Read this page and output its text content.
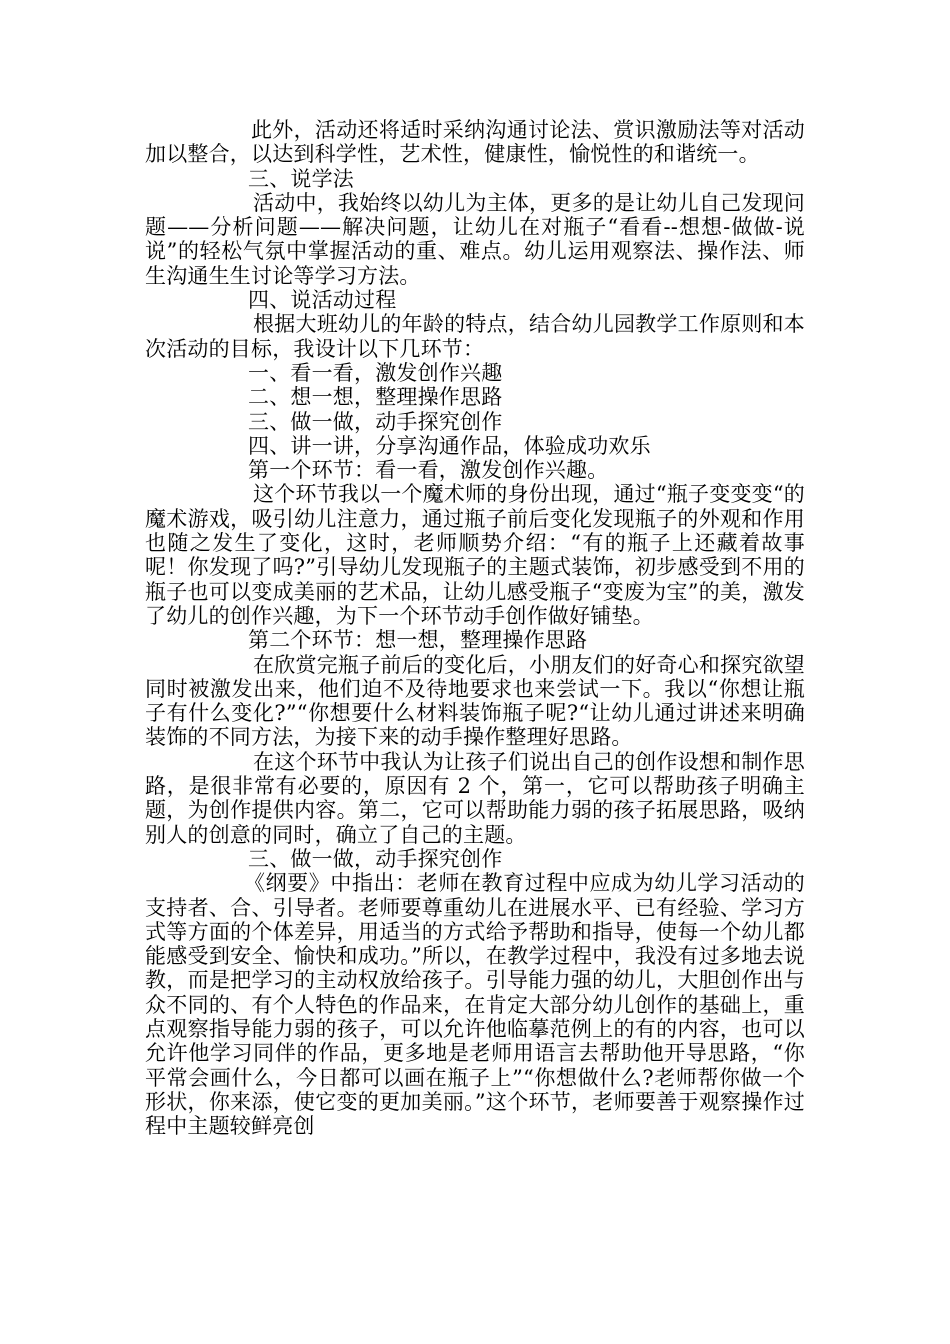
此外，活动还将适时采纳沟通讨论法、赏识激励法等对活动加以整合，以达到科学性，艺术性，健康性，愉悦性的和谐统一。

三、说学法

活动中，我始终以幼儿为主体，更多的是让幼儿自己发现问题——分析问题——解决问题，让幼儿在对瓶子“看看--想想-做做-说说”的轻松气氛中掌握活动的重、难点。幼儿运用观察法、操作法、师生沟通生生讨论等学习方法。

四、说活动过程

根据大班幼儿的年龄的特点，结合幼儿园教学工作原则和本次活动的目标，我设计以下几环节：

一、看一看，激发创作兴趣

二、想一想，整理操作思路

三、做一做，动手探究创作

四、讲一讲，分享沟通作品，体验成功欢乐

第一个环节：看一看，激发创作兴趣。

这个环节我以一个魔术师的身份出现，通过“瓶子变变变“的魔术游戏，吸引幼儿注意力，通过瓶子前后变化发现瓶子的外观和作用也随之发生了变化，这时，老师顺势介绍：“有的瓶子上还藏着故事呢！你发现了吗?”引导幼儿发现瓶子的主题式装饰，初步感受到不用的瓶子也可以变成美丽的艺术品，让幼儿感受瓶子“变废为宝”的美，激发了幼儿的创作兴趣，为下一个环节动手创作做好铺垫。

第二个环节：想一想，整理操作思路

在欣赏完瓶子前后的变化后，小朋友们的好奇心和探究欲望同时被激发出来，他们迫不及待地要求也来尝试一下。我以“你想让瓶子有什么变化?”“你想要什么材料装饰瓶子呢?“让幼儿通过讲述来明确装饰的不同方法，为接下来的动手操作整理好思路。

在这个环节中我认为让孩子们说出自己的创作设想和制作思路，是很非常有必要的，原因有 2 个，第一，它可以帮助孩子明确主题，为创作提供内容。第二，它可以帮助能力弱的孩子拓展思路，吸纳别人的创意的同时，确立了自己的主题。

三、做一做，动手探究创作

《纲要》中指出：老师在教育过程中应成为幼儿学习活动的支持者、合、引导者。老师要尊重幼儿在进展水平、已有经验、学习方式等方面的个体差异，用适当的方式给予帮助和指导，使每一个幼儿都能感受到安全、愉快和成功。”所以，在教学过程中，我没有过多地去说教，而是把学习的主动权放给孩子。引导能力强的幼儿，大胆创作出与众不同的、有个人特色的作品来，在肯定大部分幼儿创作的基础上，重点观察指导能力弱的孩子，可以允许他临摹范例上的有的内容，也可以允许他学习同伴的作品，更多地是老师用语言去帮助他开导思路，“你平常会画什么，今日都可以画在瓶子上”“你想做什么?老师帮你做一个形状，你来添，使它变的更加美丽。”这个环节，老师要善于观察操作过程中主题较鲜亮创
